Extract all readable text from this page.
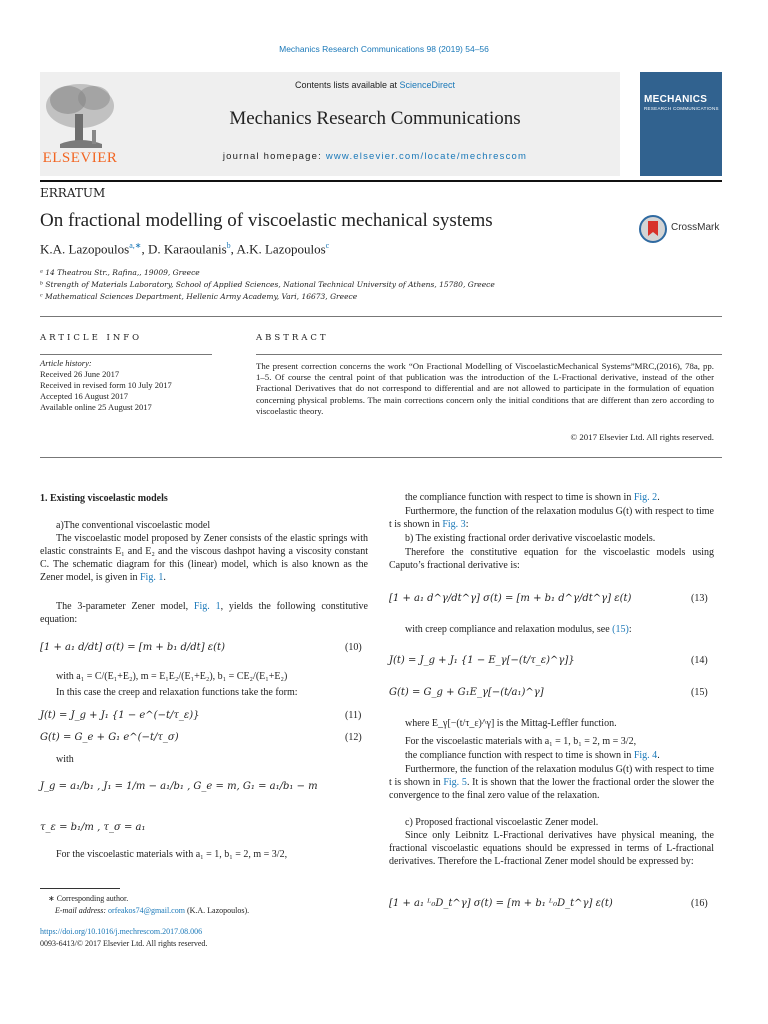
Mechanics Research Communications 98 (2019) 54–56
ELSEVIER
Contents lists available at ScienceDirect
Mechanics Research Communications
journal homepage: www.elsevier.com/locate/mechrescom
MECHANICS
RESEARCH COMMUNICATIONS
ERRATUM
On fractional modelling of viscoelastic mechanical systems
K.A. Lazopoulos$^{a,∗}$, D. Karaoulanis$^b$, A.K. Lazopoulos$^c$
ᵃ 14 Theatrou Str., Rafina,, 19009, Greece
ᵇ Strength of Materials Laboratory, School of Applied Sciences, National Technical University of Athens, 15780, Greece
ᶜ Mathematical Sciences Department, Hellenic Army Academy, Vari, 16673, Greece
CrossMark
ARTICLE INFO	ABSTRACT
Article history:
Received 26 June 2017
Received in revised form 10 July 2017
Accepted 16 August 2017
Available online 25 August 2017
The present correction concerns the work “On Fractional Modelling of ViscoelasticMechanical Systems”MRC,(2016), 78a, pp. 1–5. Of course the central point of that publication was the introduction of the L-Fractional derivative, instead of the other Fractional Derivatives that do not correspond to differential and are not allowed to participate in the formulation of equation concerning physical problems. The main corrections concern only the initial conditions that are different than zero according to viscoelastic theory.
© 2017 Elsevier Ltd. All rights reserved.
1. Existing viscoelastic models
a)The conventional viscoelastic model
The viscoelastic model proposed by Zener consists of the elastic springs with elastic constraints E₁ and E₂ and the viscous dashpot having a viscosity constant C. The schematic diagram for this (linear) model, which is also known as the Zener model, is given in Fig. 1.
The 3-parameter Zener model, Fig. 1, yields the following constitutive equation:
[1 + a₁ d/dt] σ(t) = [m + b₁ d/dt] ε(t)	(10)
with a₁ = C/(E₁+E₂), m = E₁E₂/(E₁+E₂), b₁ = CE₂/(E₁+E₂)
In this case the creep and relaxation functions take the form:
J(t) = J_g + J₁ {1 − e^(−t/τ_ε)}	(11)
G(t) = G_e + G₁ e^(−t/τ_σ)	(12)
with
J_g = a₁/b₁ , J₁ = 1/m − a₁/b₁ , G_e = m, G₁ = a₁/b₁ − m
τ_ε = b₁/m , τ_σ = a₁
For the viscoelastic materials with a₁ = 1, b₁ = 2, m = 3/2,
∗ Corresponding author.
E-mail address: orfeakos74@gmail.com (K.A. Lazopoulos).
https://doi.org/10.1016/j.mechrescom.2017.08.006
0093-6413/© 2017 Elsevier Ltd. All rights reserved.
the compliance function with respect to time is shown in Fig. 2.
Furthermore, the function of the relaxation modulus G(t) with respect to time t is shown in Fig. 3:
b) The existing fractional order derivative viscoelastic models.
Therefore the constitutive equation for the viscoelastic models using Caputo’s fractional derivative is:
[1 + a₁ d^γ/dt^γ] σ(t) = [m + b₁ d^γ/dt^γ] ε(t)	(13)
with creep compliance and relaxation modulus, see (15):
J(t) = J_g + J₁ {1 − E_γ[−(t/τ_ε)^γ]}	(14)
G(t) = G_g + G₁E_γ[−(t/a₁)^γ]	(15)
where E_γ[−(t/τ_ε)^γ] is the Mittag-Leffler function.
For the viscoelastic materials with a₁ = 1, b₁ = 2, m = 3/2,
the compliance function with respect to time is shown in Fig. 4.
Furthermore, the function of the relaxation modulus G(t) with respect to time t is shown in Fig. 5. It is shown that the lower the fractional order the slower the convergence to the final zero value of the relaxation.
c) Proposed fractional viscoelastic Zener model.
Since only Leibnitz L-Fractional derivatives have physical meaning, the fractional viscoelastic equations should be expressed in terms of L-fractional derivatives. Therefore the L-fractional Zener model should be expressed by:
[1 + a₁ ᴸ₀D_t^γ] σ(t) = [m + b₁ ᴸ₀D_t^γ] ε(t)	(16)
